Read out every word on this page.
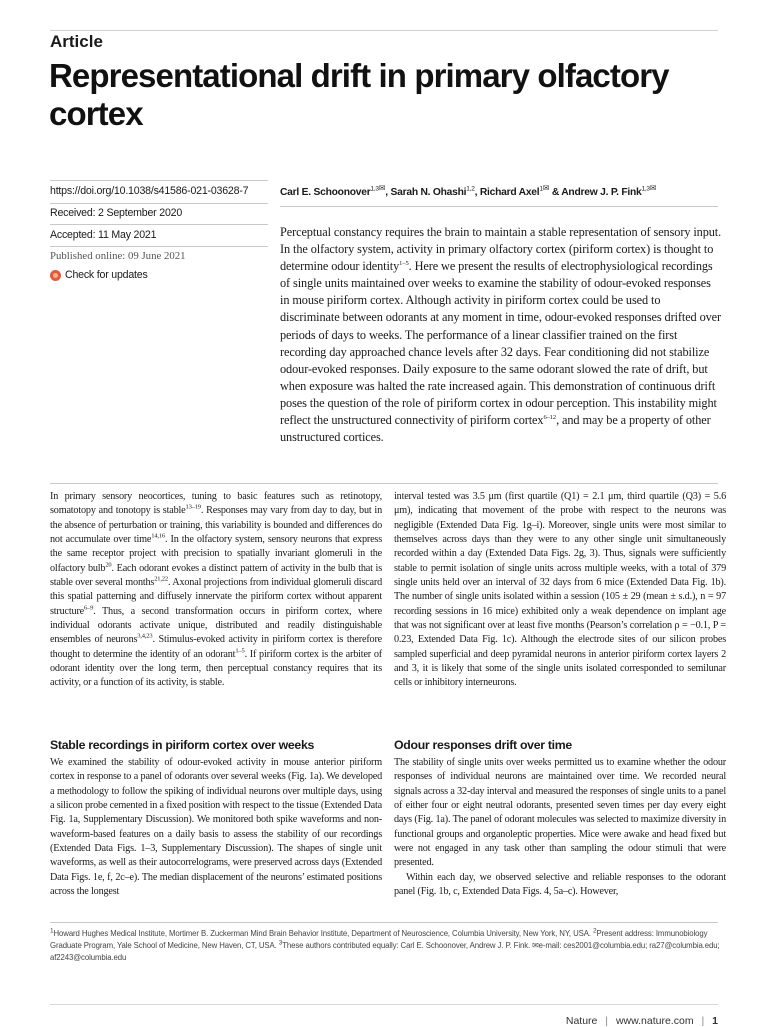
Article
Representational drift in primary olfactory cortex
https://doi.org/10.1038/s41586-021-03628-7
Received: 2 September 2020
Accepted: 11 May 2021
Published online: 09 June 2021
Check for updates
Carl E. Schoonover$^{1,3✉}$, Sarah N. Ohashi$^{1,2}$, Richard Axel$^{1✉}$ & Andrew J. P. Fink$^{1,3✉}$

Perceptual constancy requires the brain to maintain a stable representation of sensory input. In the olfactory system, activity in primary olfactory cortex (piriform cortex) is thought to determine odour identity$^{1-5}$. Here we present the results of electrophysiological recordings of single units maintained over weeks to examine the stability of odour-evoked responses in mouse piriform cortex. Although activity in piriform cortex could be used to discriminate between odorants at any moment in time, odour-evoked responses drifted over periods of days to weeks. The performance of a linear classifier trained on the first recording day approached chance levels after 32 days. Fear conditioning did not stabilize odour-evoked responses. Daily exposure to the same odorant slowed the rate of drift, but when exposure was halted the rate increased again. This demonstration of continuous drift poses the question of the role of piriform cortex in odour perception. This instability might reflect the unstructured connectivity of piriform cortex$^{6-12}$, and may be a property of other unstructured cortices.

In primary sensory neocortices, tuning to basic features such as retinotopy, somatotopy and tonotopy is stable$^{13-19}$. Responses may vary from day to day, but in the absence of perturbation or training, this variability is bounded and differences do not accumulate over time$^{14,16}$. In the olfactory system, sensory neurons that express the same receptor project with precision to spatially invariant glomeruli in the olfactory bulb$^{20}$. Each odorant evokes a distinct pattern of activity in the bulb that is stable over several months$^{21,22}$. Axonal projections from individual glomeruli discard this spatial patterning and diffusely innervate the piriform cortex without apparent structure$^{6-9}$. Thus, a second transformation occurs in piriform cortex, where individual odorants activate unique, distributed and readily distinguishable ensembles of neurons$^{3,4,23}$. Stimulus-evoked activity in piriform cortex is therefore thought to determine the identity of an odorant$^{1-5}$. If piriform cortex is the arbiter of odorant identity over the long term, then perceptual constancy requires that its activity, or a function of its activity, is stable.

Stable recordings in piriform cortex over weeks

We examined the stability of odour-evoked activity in mouse anterior piriform cortex in response to a panel of odorants over several weeks (Fig. 1a). We developed a methodology to follow the spiking of individual neurons over multiple days, using a silicon probe cemented in a fixed position with respect to the tissue (Extended Data Fig. 1a, Supplementary Discussion). We monitored both spike waveforms and non-waveform-based features on a daily basis to assess the stability of our recordings (Extended Data Figs. 1–3, Supplementary Discussion). The shapes of single unit waveforms, as well as their autocorrelograms, were preserved across days (Extended Data Figs. 1e, f, 2c–e). The median displacement of the neurons’ estimated positions across the longest

interval tested was 3.5 μm (first quartile (Q1) = 2.1 μm, third quartile (Q3) = 5.6 μm), indicating that movement of the probe with respect to the neurons was negligible (Extended Data Fig. 1g–i). Moreover, single units were most similar to themselves across days than they were to any other single unit simultaneously recorded within a day (Extended Data Figs. 2g, 3). Thus, signals were sufficiently stable to permit isolation of single units across multiple weeks, with a total of 379 single units held over an interval of 32 days from 6 mice (Extended Data Fig. 1b). The number of single units isolated within a session (105 ± 29 (mean ± s.d.), n = 97 recording sessions in 16 mice) exhibited only a weak dependence on implant age that was not significant over at least five months (Pearson’s correlation ρ = −0.1, P = 0.23, Extended Data Fig. 1c). Although the electrode sites of our silicon probes sampled superficial and deep pyramidal neurons in anterior piriform cortex layers 2 and 3, it is likely that some of the single units isolated corresponded to semilunar cells or inhibitory interneurons.

Odour responses drift over time

The stability of single units over weeks permitted us to examine whether the odour responses of individual neurons are maintained over time. We recorded neural signals across a 32-day interval and measured the responses of single units to a panel of either four or eight neutral odorants, presented seven times per day every eight days (Fig. 1a). The panel of odorant molecules was selected to maximize diversity in functional groups and organoleptic properties. Mice were awake and head fixed but were not engaged in any task other than sampling the odour stimuli that were presented.

Within each day, we observed selective and reliable responses to the odorant panel (Fig. 1b, c, Extended Data Figs. 4, 5a–c). However,

$^1$Howard Hughes Medical Institute, Mortimer B. Zuckerman Mind Brain Behavior Institute, Department of Neuroscience, Columbia University, New York, NY, USA. $^2$Present address: Immunobiology Graduate Program, Yale School of Medicine, New Haven, CT, USA. $^3$These authors contributed equally: Carl E. Schoonover, Andrew J. P. Fink. ✉e-mail: ces2001@columbia.edu; ra27@columbia.edu; af2243@columbia.edu
Nature | www.nature.com | 1
